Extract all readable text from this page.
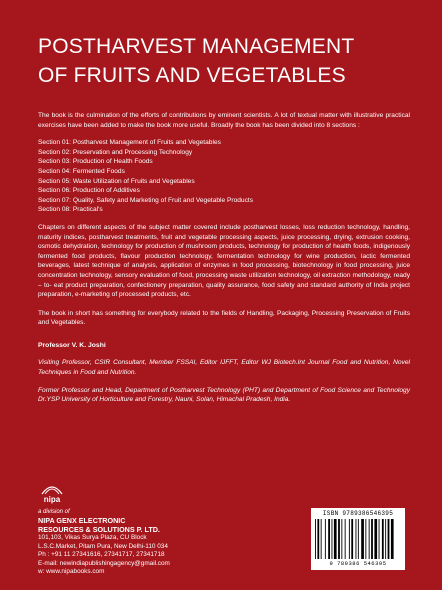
POSTHARVEST MANAGEMENT
OF FRUITS AND VEGETABLES

The book is the culmination of the efforts of contributions by eminent scientists. A lot of textual matter with illustrative practical exercises have been added to make the book more useful. Broadly the book has been divided into 8 sections :

Section 01: Postharvest Management of Fruits and Vegetables
Section 02: Preservation and Processing Technology
Section 03: Production of Health Foods
Section 04: Fermented Foods
Section 05: Waste Utilization of Fruits and Vegetables
Section 06: Production of Additives
Section 07: Quality, Safety and Marketing of Fruit and Vegetable Products
Section 08: Practical's

Chapters on different aspects of the subject matter covered include postharvest losses, loss reduction technology, handling, maturity indices, postharvest treatments, fruit and vegetable processing aspects, juice processing, drying, extrusion cooking, osmotic dehydration, technology for production of mushroom products, technology for production of health foods, indigenously fermented food products, flavour production technology, fermentation technology for wine production, lactic fermented beverages, latest technique of analysis, application of enzymes in food processing, biotechnology in food processing, juice concentration technology, sensory evaluation of food, processing waste utilization technology, oil extraction methodology, ready – to- eat product preparation, confectionery preparation, quality assurance, food safety and standard authority of India project preparation, e-marketing of processed products, etc.

The book in short has something for everybody related to the fields of Handling, Packaging, Processing Preservation of Fruits and Vegetables.

Professor V. K. Joshi

Visiting Professor, CSIR Consultant, Member FSSAI, Editor IJFFT, Editor WJ Biotech.Int Journal Food and Nutrition, Novel Techniques in Food and Nutrition.

Former Professor and Head, Department of Postharvest Technology (PHT) and Department of Food Science and Technology Dr.YSP University of Horticulture and Forestry, Nauni, Solan, Himachal Pradesh, India.

nipa
a division of
NIPA GENX ELECTRONIC
RESOURCES & SOLUTIONS P. LTD.
101,103, Vikas Surya Plaza, CU Block
L.S.C.Market, Pitam Pura, New Delhi-110 034
Ph : +91 11 27341616, 27341717, 27341718
E-mail: newindiapublishingagency@gmail.com
w: www.nipabooks.com
ISBN 9789386546395
9 789386 546395
